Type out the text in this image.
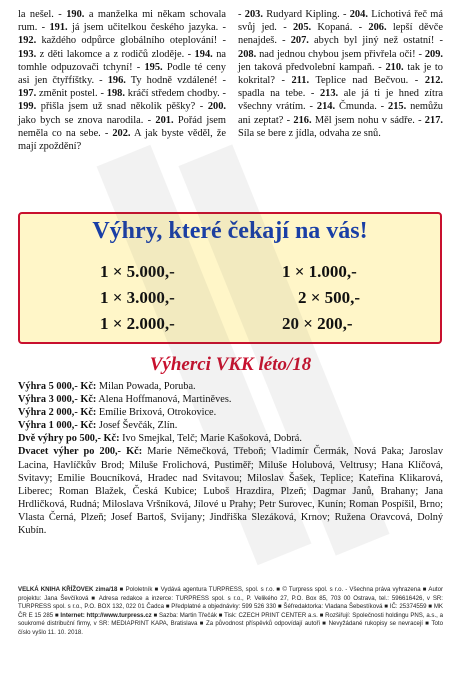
la nešel. - 190. a manželka mi někam schovala rum. - 191. já jsem učitelkou českého jazyka. - 192. každého odpůrce globálního oteplování! - 193. z děti lakomce a z rodičů zloděje. - 194. na tomhle odpuzovači tchyní! - 195. Podle té ceny asi jen čtyřfíštky. - 196. Ty hodně vzdálené! - 197. změnit postel. - 198. kráčí středem chodby. - 199. přišla jsem už snad několik pěšky? - 200. jako bych se znova narodila. - 201. Pořád jsem neměla co na sebe. - 202. A jak byste věděl, že mají zpoždění?
- 203. Rudyard Kipling. - 204. Líchotivá řeč má svůj jed. - 205. Kopaná. - 206. lepší děvče nenajdeš. - 207. abych byl jiný než ostatní! - 208. nad jednou chybou jsem přivřela oči! - 209. jen taková předvolební kampaň. - 210. tak je to kokrital? - 211. Teplice nad Bečvou. - 212. spadla na tebe. - 213. ale já ti je hned zítra všechny vrátím. - 214. Čmunda. - 215. nemůžu ani zeptat? - 216. Měl jsem nohu v sádře. - 217. Síla se bere z jídla, odvaha ze snů.
Výhry, které čekají na vás!
1 × 5.000,-	1 × 1.000,-
1 × 3.000,-	2 × 500,-
1 × 2.000,-	20 × 200,-
Výherci VKK léto/18
Výhra 5 000,- Kč: Milan Powada, Poruba.
Výhra 3 000,- Kč: Alena Hoffmanová, Martiněves.
Výhra 2 000,- Kč: Emílie Brixová, Otrokovice.
Výhra 1 000,- Kč: Josef Ševčák, Zlín.
Dvě výhry po 500,- Kč: Ivo Smejkal, Telč; Marie Kašoková, Dobrá.
Dvacet výher po 200,- Kč: Marie Němečková, Třeboň; Vladimír Čermák, Nová Paka; Jaroslav Lacina, Havlíčkův Brod; Miluše Frolichová, Pustiměř; Miluše Holubová, Veltrusy; Hana Klíčová, Svitavy; Emilie Boucníková, Hradec nad Svitavou; Miloslav Šašek, Teplice; Kateřina Klikarová, Liberec; Roman Blažek, Česká Kubice; Luboš Hrazdira, Plzeň; Dagmar Janů, Brahany; Jana Hrdličková, Rudná; Miloslava Vršníková, Jílové u Prahy; Petr Surovec, Kunín; Roman Pospíšil, Brno; Vlasta Černá, Plzeň; Josef Bartoš, Svijany; Jindřiška Slezáková, Krnov; Ružena Oravcová, Dolný Kubín.
VELKÁ KNIHA KŘÍŽOVEK zima/18 ■ Pololetník ■ Vydává agentura TURPRESS, spol. s r.o. ■ © Turpress spol. s r.o. - Všechna práva vyhrazena ■ Autor projektu: Jana Ševčíková ■ Adresa redakce a inzerce: TURPRESS spol. s r.o., P. Velikého 27, P.O. Box 85, 703 00 Ostrava, tel.: 596616426, v SR: TURPRESS spol. s r.o., P.O. BOX 132, 022 01 Čadca ■ Předplatné a objednávky: 599 526 330 ■ Šéfredaktorka: Vladana Šebestíková ■ IČ: 25374559 ■ MK ČR E 15 285 ■ Internet: http://www.turpress.cz ■ Sazba: Martin Třečák ■ Tisk: CZECH PRINT CENTER a.s. ■ Rozšiřují: Společnosti holdingu PNS, a.s., a soukromé distribuční firmy, v SR: MEDIAPRINT KAPA, Bratislava ■ Za původnost příspěvků odpovídají autoři ■ Nevyžádané rukopisy se nevracejí ■ Toto číslo vyšlo 11. 10. 2018.
